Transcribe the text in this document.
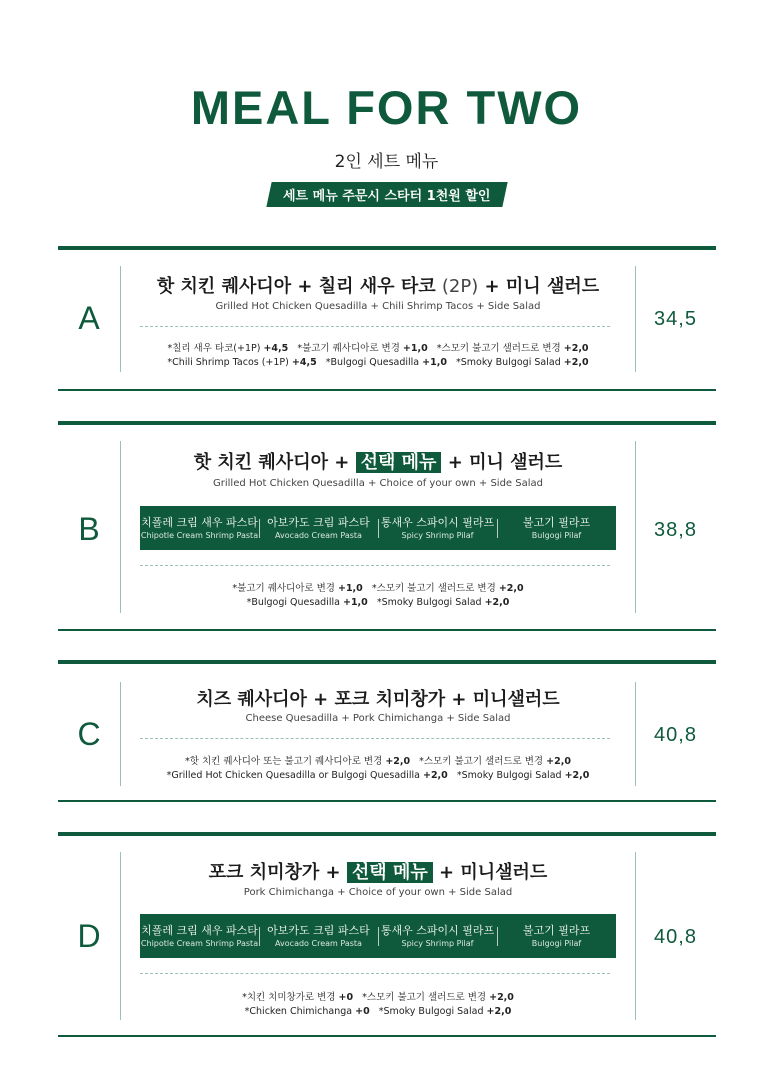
MEAL FOR TWO
2인 세트 메뉴
세트 메뉴 주문시 스타터 1천원 할인
A	34,5
핫 치킨 퀘사디아 + 칠리 새우 타코 (2P) + 미니 샐러드
Grilled Hot Chicken Quesadilla + Chili Shrimp Tacos + Side Salad
*칠리 새우 타코(+1P) +4,5 *불고기 퀘사디아로 변경 +1,0 *스모키 불고기 샐러드로 변경 +2,0
*Chili Shrimp Tacos (+1P) +4,5 *Bulgogi Quesadilla +1,0 *Smoky Bulgogi Salad +2,0
B	38,8
핫 치킨 퀘사디아 + 선택 메뉴 + 미니 샐러드
Grilled Hot Chicken Quesadilla + Choice of your own + Side Salad
치폴레 크림 새우 파스타
Chipotle Cream Shrimp Pasta
아보카도 크림 파스타
Avocado Cream Pasta
통새우 스파이시 필라프
Spicy Shrimp Pilaf
불고기 필라프
Bulgogi Pilaf
*불고기 퀘사디아로 변경 +1,0 *스모키 불고기 샐러드로 변경 +2,0
*Bulgogi Quesadilla +1,0 *Smoky Bulgogi Salad +2,0
C	40,8
치즈 퀘사디아 + 포크 치미창가 + 미니샐러드
Cheese Quesadilla + Pork Chimichanga + Side Salad
*핫 치킨 퀘사디아 또는 불고기 퀘사디아로 변경 +2,0 *스모키 불고기 샐러드로 변경 +2,0
*Grilled Hot Chicken Quesadilla or Bulgogi Quesadilla +2,0 *Smoky Bulgogi Salad +2,0
D	40,8
포크 치미창가 + 선택 메뉴 + 미니샐러드
Pork Chimichanga + Choice of your own + Side Salad
치폴레 크림 새우 파스타
Chipotle Cream Shrimp Pasta
아보카도 크림 파스타
Avocado Cream Pasta
통새우 스파이시 필라프
Spicy Shrimp Pilaf
불고기 필라프
Bulgogi Pilaf
*치킨 치미창가로 변경 +0 *스모키 불고기 샐러드로 변경 +2,0
*Chicken Chimichanga +0 *Smoky Bulgogi Salad +2,0
